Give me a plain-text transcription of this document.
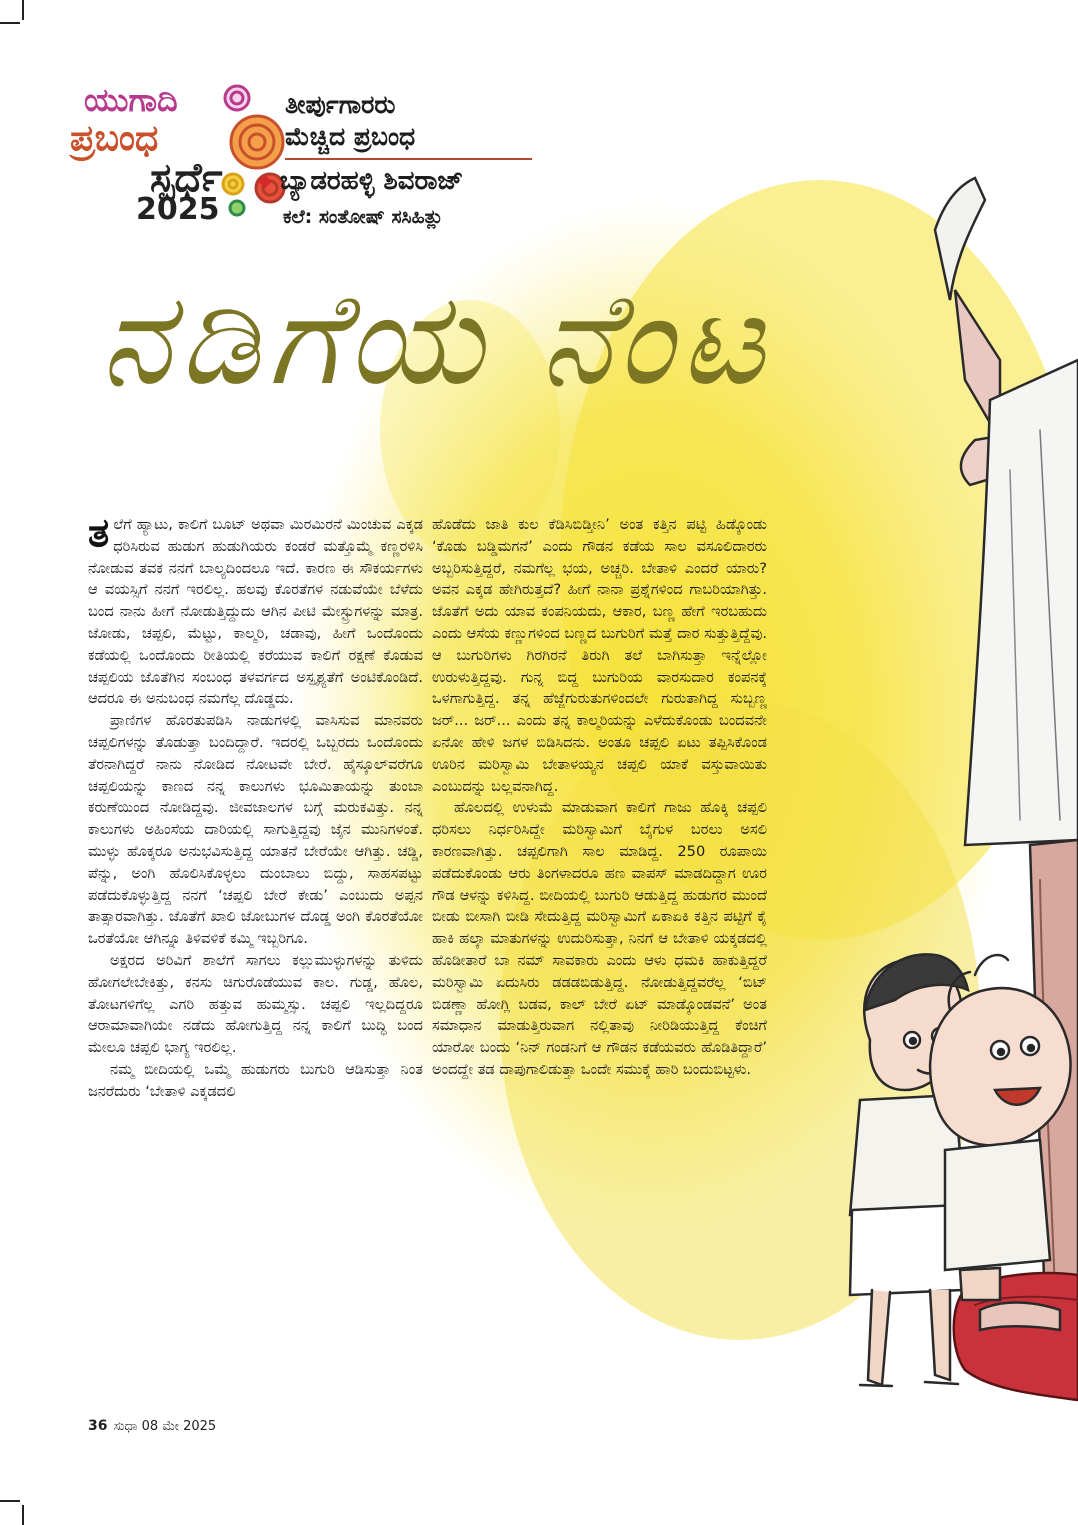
ಯುಗಾದಿ
ಪ್ರಬಂಧ
ಸ್ಪರ್ಧೆ
2025
ತೀರ್ಪುಗಾರರು
ಮೆಚ್ಚಿದ ಪ್ರಬಂಧ
◆ ಬ್ಯಾಡರಹಳ್ಳಿ ಶಿವರಾಜ್
ಕಲೆ: ಸಂತೋಷ್ ಸಸಿಹಿತ್ಲು
ನಡಿಗೆಯ ನೆಂಟ

ತಲೆಗೆ ಹ್ಯಾಟು, ಕಾಲಿಗೆ ಬೂಟ್ ಅಥವಾ ಮಿರಮಿರನೆ ಮಿಂಚುವ ಎಕ್ಕಡ ಧರಿಸಿರುವ ಹುಡುಗ ಹುಡುಗಿಯರು ಕಂಡರೆ ಮತ್ತೊಮ್ಮೆ ಕಣ್ಣರಳಿಸಿ ನೋಡುವ ತವಕ ನನಗೆ ಬಾಲ್ಯದಿಂದಲೂ ಇದೆ. ಕಾರಣ ಈ ಸೌಕರ್ಯಗಳು ಆ ವಯಸ್ಸಿಗೆ ನನಗೆ ಇರಲಿಲ್ಲ. ಹಲವು ಕೊರತೆಗಳ ನಡುವೆಯೇ ಬೆಳೆದು ಬಂದ ನಾನು ಹೀಗೆ ನೋಡುತ್ತಿದ್ದುದು ಆಗಿನ ಪೀಟಿ ಮೇಸ್ಟ್ರುಗಳನ್ನು ಮಾತ್ರ. ಜೋಡು, ಚಪ್ಪಲಿ, ಮೆಟ್ಟು, ಕಾಲ್ಮರಿ, ಚಡಾವು, ಹೀಗೆ ಒಂದೊಂದು ಕಡೆಯಲ್ಲಿ ಒಂದೊಂದು ರೀತಿಯಲ್ಲಿ ಕರೆಯುವ ಕಾಲಿಗೆ ರಕ್ಷಣೆ ಕೊಡುವ ಚಪ್ಪಲಿಯ ಜೊತೆಗಿನ ಸಂಬಂಧ ತಳವರ್ಗದ ಅಸ್ಪೃಶ್ಯತೆಗೆ ಅಂಟಿಕೊಂಡಿದೆ. ಆದರೂ ಈ ಅನುಬಂಧ ನಮಗೆಲ್ಲ ದೊಡ್ಡದು.

ಪ್ರಾಣಿಗಳ ಹೊರತುಪಡಿಸಿ ನಾಡುಗಳಲ್ಲಿ ವಾಸಿಸುವ ಮಾನವರು ಚಪ್ಪಲಿಗಳನ್ನು ತೊಡುತ್ತಾ ಬಂದಿದ್ದಾರೆ. ಇದರಲ್ಲಿ ಒಬ್ಬರದು ಒಂದೊಂದು ತೆರನಾಗಿದ್ದರೆ ನಾನು ನೋಡಿದ ನೋಟವೇ ಬೇರೆ. ಹೈಸ್ಕೂಲ್‌ವರೆಗೂ ಚಪ್ಪಲಿಯನ್ನು ಕಾಣದ ನನ್ನ ಕಾಲುಗಳು ಭೂಮಿತಾಯನ್ನು ತುಂಬಾ ಕರುಣೆಯಿಂದ ನೋಡಿದ್ದವು. ಜೀವಜಾಲಗಳ ಬಗ್ಗೆ ಮರುಕವಿತ್ತು. ನನ್ನ ಕಾಲುಗಳು ಅಹಿಂಸೆಯ ದಾರಿಯಲ್ಲಿ ಸಾಗುತ್ತಿದ್ದವು ಜೈನ ಮುನಿಗಳಂತೆ. ಮುಳ್ಳು ಹೊಕ್ಕರೂ ಅನುಭವಿಸುತ್ತಿದ್ದ ಯಾತನೆ ಬೇರೆಯೇ ಆಗಿತ್ತು. ಚಡ್ಡಿ, ಪೆನ್ನು, ಅಂಗಿ ಹೊಲಿಸಿಕೊಳ್ಳಲು ದುಂಬಾಲು ಬಿದ್ದು, ಸಾಹಸಪಟ್ಟು ಪಡೆದುಕೊಳ್ಳುತ್ತಿದ್ದ ನನಗೆ ‘ಚಪ್ಪಲಿ ಬೇರೆ ಕೇಡು’ ಎಂಬುದು ಅಪ್ಪನ ತಾತ್ಸಾರವಾಗಿತ್ತು. ಜೊತೆಗೆ ಖಾಲಿ ಜೋಬುಗಳ ದೊಡ್ಡ ಅಂಗಿ ಕೊರತೆಯೋ ಒರತೆಯೋ ಆಗಿನ್ನೂ ತಿಳಿವಳಿಕೆ ಕಮ್ಮಿ ಇಬ್ಬರಿಗೂ.

ಅಕ್ಷರದ ಅರಿವಿಗೆ ಶಾಲೆಗೆ ಸಾಗಲು ಕಲ್ಲುಮುಳ್ಳುಗಳನ್ನು ತುಳಿದು ಹೋಗಲೇಬೇಕಿತ್ತು, ಕನಸು ಚಿಗುರೊಡೆಯುವ ಕಾಲ. ಗುಡ್ಡ, ಹೊಲ, ತೋಟಗಳಿಗೆಲ್ಲ ಎಗರಿ ಹತ್ತುವ ಹುಮ್ಮಸ್ಸು. ಚಪ್ಪಲಿ ಇಲ್ಲದಿದ್ದರೂ ಆರಾಮಾವಾಗಿಯೇ ನಡೆದು ಹೋಗುತ್ತಿದ್ದ ನನ್ನ ಕಾಲಿಗೆ ಬುದ್ಧಿ ಬಂದ ಮೇಲೂ ಚಪ್ಪಲಿ ಭಾಗ್ಯ ಇರಲಿಲ್ಲ.

ನಮ್ಮ ಬೀದಿಯಲ್ಲಿ ಒಮ್ಮೆ ಹುಡುಗರು ಬುಗುರಿ ಆಡಿಸುತ್ತಾ ನಿಂತ ಜನರೆದುರು ‘ಬೇತಾಳಿ ಎಕ್ಕಡದಲಿ

ಹೊಡೆದು ಜಾತಿ ಕುಲ ಕೆಡಿಸಿಬಿಡ್ತೀನಿ’ ಅಂತ ಕತ್ತಿನ ಪಟ್ಟಿ ಹಿಡ್ಕೊಂಡು ‘ಕೊಡು ಬಡ್ಡಿಮಗನೆ’ ಎಂದು ಗೌಡನ ಕಡೆಯ ಸಾಲ ವಸೂಲಿದಾರರು ಅಬ್ಬರಿಸುತ್ತಿದ್ದರೆ, ನಮಗೆಲ್ಲ ಭಯ, ಅಚ್ಚರಿ. ಬೇತಾಳಿ ಎಂದರೆ ಯಾರು? ಅವನ ಎಕ್ಕಡ ಹೇಗಿರುತ್ತದೆ? ಹೀಗೆ ನಾನಾ ಪ್ರಶ್ನೆಗಳಿಂದ ಗಾಬರಿಯಾಗಿತ್ತು. ಜೊತೆಗೆ ಅದು ಯಾವ ಕಂಪನಿಯದು, ಆಕಾರ, ಬಣ್ಣ ಹೇಗೆ ಇರಬಹುದು ಎಂದು ಆಸೆಯ ಕಣ್ಣುಗಳಿಂದ ಬಣ್ಣದ ಬುಗುರಿಗೆ ಮತ್ತೆ ದಾರ ಸುತ್ತುತ್ತಿದ್ದೆವು. ಆ ಬುಗುರಿಗಳು ಗಿರಗಿರನೆ ತಿರುಗಿ ತಲೆ ಬಾಗಿಸುತ್ತಾ ಇನ್ನೆಲ್ಲೋ ಉರುಳುತ್ತಿದ್ದವು. ಗುನ್ನ ಬಿದ್ದ ಬುಗುರಿಯ ವಾರಸುದಾರ ಕಂಪನಕ್ಕೆ ಒಳಗಾಗುತ್ತಿದ್ದ. ತನ್ನ ಹೆಜ್ಜೆಗುರುತುಗಳಿಂದಲೇ ಗುರುತಾಗಿದ್ದ ಸುಬ್ಬಣ್ಣ ಜರ್... ಜರ್... ಎಂದು ತನ್ನ ಕಾಲ್ಮರಿಯನ್ನು ಎಳೆದುಕೊಂಡು ಬಂದವನೇ ಏನೋ ಹೇಳಿ ಜಗಳ ಬಿಡಿಸಿದನು. ಅಂತೂ ಚಪ್ಪಲಿ ಏಟು ತಪ್ಪಿಸಿಕೊಂಡ ಊರಿನ ಮರಿಸ್ವಾಮಿ ಬೇತಾಳಯ್ಯನ ಚಪ್ಪಲಿ ಯಾಕೆ ವಸ್ತುವಾಯಿತು ಎಂಬುದನ್ನು ಬಲ್ಲವನಾಗಿದ್ದ.

ಹೊಲದಲ್ಲಿ ಉಳುಮೆ ಮಾಡುವಾಗ ಕಾಲಿಗೆ ಗಾಜು ಹೊಕ್ಕಿ ಚಪ್ಪಲಿ ಧರಿಸಲು ನಿರ್ಧರಿಸಿದ್ದೇ ಮರಿಸ್ವಾಮಿಗೆ ಬೈಗುಳ ಬರಲು ಅಸಲಿ ಕಾರಣವಾಗಿತ್ತು. ಚಪ್ಪಲಿಗಾಗಿ ಸಾಲ ಮಾಡಿದ್ದ. 250 ರೂಪಾಯಿ ಪಡೆದುಕೊಂಡು ಆರು ತಿಂಗಳಾದರೂ ಹಣ ವಾಪಸ್ ಮಾಡದಿದ್ದಾಗ ಊರ ಗೌಡ ಆಳನ್ನು ಕಳಿಸಿದ್ದ. ಬೀದಿಯಲ್ಲಿ ಬುಗುರಿ ಆಡುತ್ತಿದ್ದ ಹುಡುಗರ ಮುಂದೆ ಬೀಡು ಬೀಸಾಗಿ ಬೀಡಿ ಸೇದುತ್ತಿದ್ದ ಮರಿಸ್ವಾಮಿಗೆ ಏಕಾಏಕಿ ಕತ್ತಿನ ಪಟ್ಟಿಗೆ ಕೈ ಹಾಕಿ ಹಲ್ಕಾ ಮಾತುಗಳನ್ನು ಉದುರಿಸುತ್ತಾ, ನಿನಗೆ ಆ ಬೇತಾಳಿ ಯಕ್ಕಡದಲ್ಲಿ ಹೊಡೀತಾರೆ ಬಾ ನಮ್ ಸಾವಕಾರು ಎಂದು ಆಳು ಧಮಕಿ ಹಾಕುತ್ತಿದ್ದರೆ ಮರಿಸ್ವಾಮಿ ಏದುಸಿರು ಡಡಡಬಿಡುತ್ತಿದ್ದ. ನೋಡುತ್ತಿದ್ದವರೆಲ್ಲ ‘ಬಿಟ್ ಬಿಡಣ್ಣಾ ಹೋಗ್ಲಿ ಬಡವ, ಕಾಲ್ ಬೇರೆ ಏಟ್ ಮಾಡ್ಕೊಂಡವನೆ’ ಅಂತ ಸಮಾಧಾನ ಮಾಡುತ್ತಿರುವಾಗ ನಲ್ಲಿತಾವು ನೀರಿಡಿಯುತ್ತಿದ್ದ ಕೆಂಚಿಗೆ ಯಾರೋ ಬಂದು ‘ನಿನ್ ಗಂಡನಿಗೆ ಆ ಗೌಡನ ಕಡೆಯವರು ಹೊಡಿತಿದ್ದಾರೆ’ ಅಂದದ್ದೇ ತಡ ದಾಪುಗಾಲಿಡುತ್ತಾ ಒಂದೇ ಸಮುಕ್ಕೆ ಹಾರಿ ಬಂದುಬಿಟ್ಟಳು.

36 ಸುಧಾ 08 ಮೇ 2025
